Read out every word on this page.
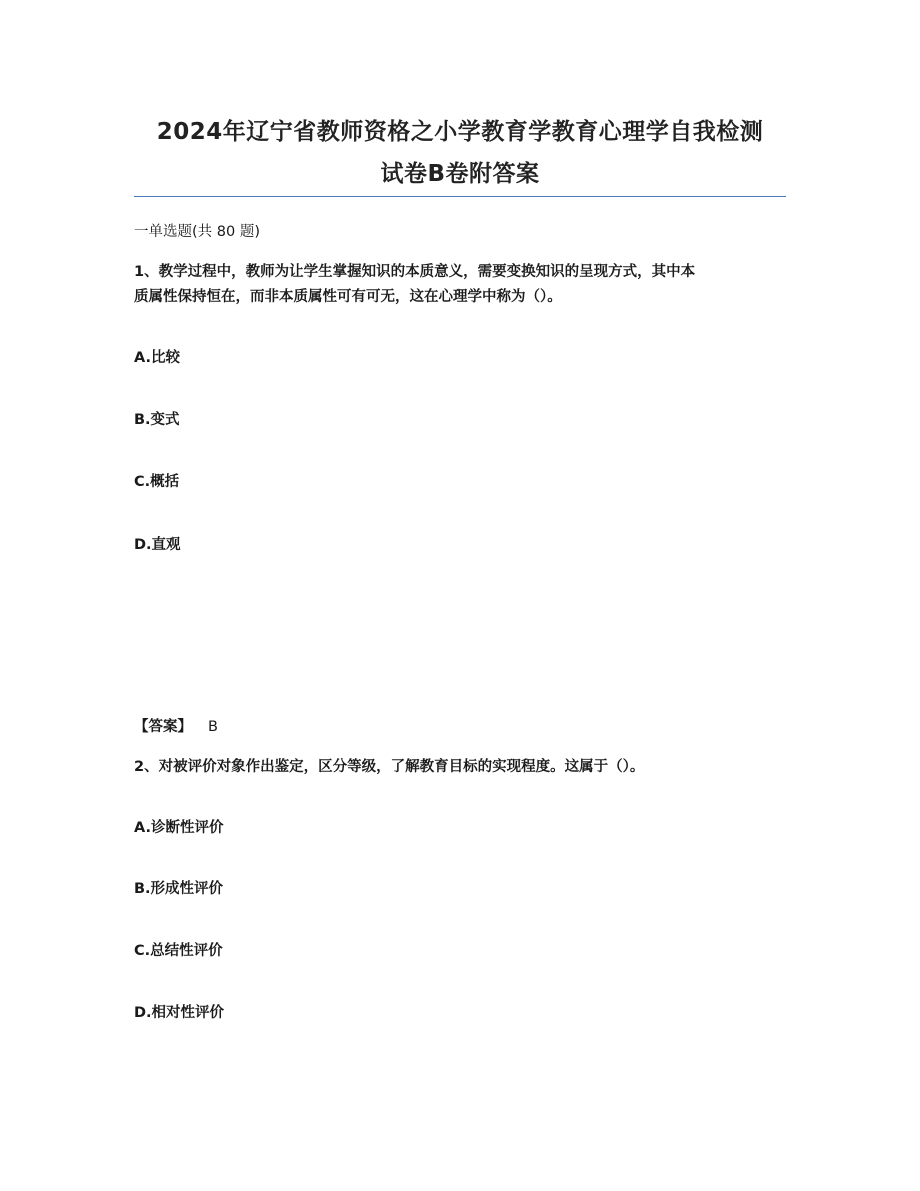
2024年辽宁省教师资格之小学教育学教育心理学自我检测
试卷B卷附答案
一单选题(共 80 题)
1、教学过程中，教师为让学生掌握知识的本质意义，需要变换知识的呈现方式，其中本
质属性保持恒在，而非本质属性可有可无，这在心理学中称为（）。
A.比较
B.变式
C.概括
D.直观
【答案】 B
2、对被评价对象作出鉴定，区分等级，了解教育目标的实现程度。这属于（）。
A.诊断性评价
B.形成性评价
C.总结性评价
D.相对性评价
